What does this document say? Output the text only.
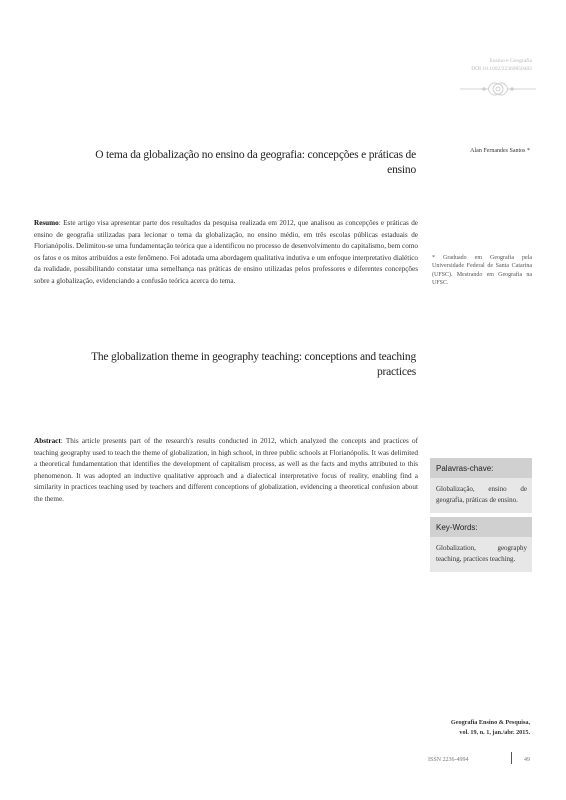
Ensino e Geografia
DOI 10.1002/22369850402
O tema da globalização no ensino da geografia: concepções e práticas de ensino
Alan Fernandes Santos *
Resumo: Este artigo visa apresentar parte dos resultados da pesquisa realizada em 2012, que analisou as concepções e práticas de ensino de geografia utilizadas para lecionar o tema da globalização, no ensino médio, em três escolas públicas estaduais de Florianópolis. Delimitou-se uma fundamentação teórica que a identificou no processo de desenvolvimento do capitalismo, bem como os fatos e os mitos atribuídos a este fenômeno. Foi adotada uma abordagem qualitativa indutiva e um enfoque interpretativo dialético da realidade, possibilitando constatar uma semelhança nas práticas de ensino utilizadas pelos professores e diferentes concepções sobre a globalização, evidenciando a confusão teórica acerca do tema.
* Graduado em Geografia pela Universidade Federal de Santa Catarina (UFSC). Mestrando em Geografia na UFSC.
The globalization theme in geography teaching: conceptions and teaching practices
Abstract: This article presents part of the research's results conducted in 2012, which analyzed the concepts and practices of teaching geography used to teach the theme of globalization, in high school, in three public schools at Florianópolis. It was delimited a theoretical fundamentation that identifies the development of capitalism process, as well as the facts and myths attributed to this phenomenon. It was adopted an inductive qualitative approach and a dialectical interpretative focus of reality, enabling find a similarity in practices teaching used by teachers and different conceptions of globalization, evidencing a theoretical confusion about the theme.
Palavras-chave:
Globalização, ensino de geografia, práticas de ensino.
Key-Words:
Globalization, geography teaching, practices teaching.
Geografia Ensino & Pesquisa,
vol. 19, n. 1, jan./abr. 2015.
ISSN 2236-4994	49
